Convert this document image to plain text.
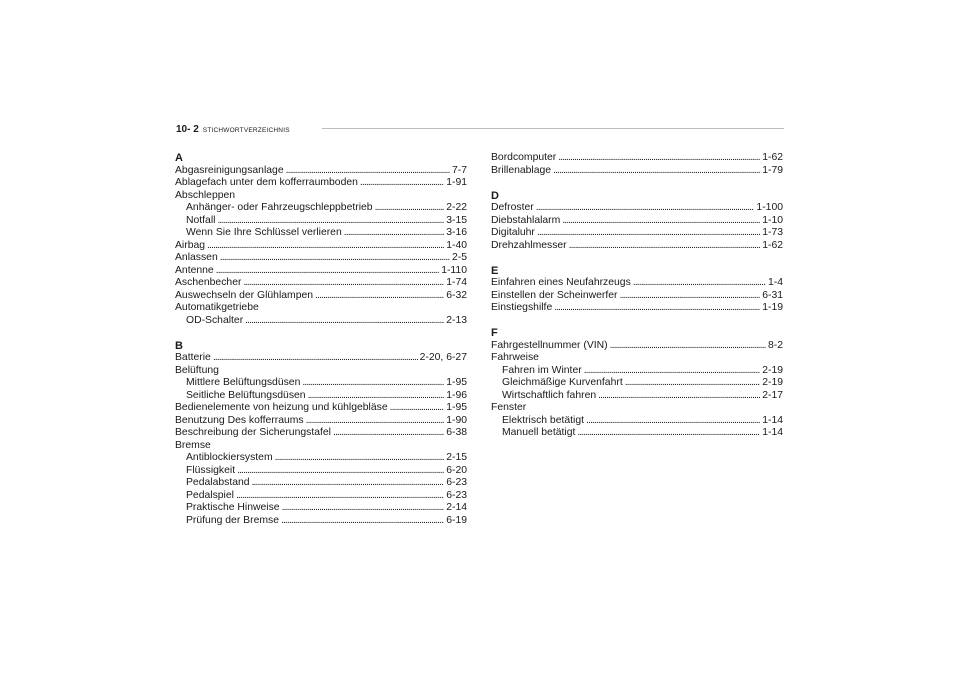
10- 2 STICHWORTVERZEICHNIS
A
Abgasreinigungsanlage . . .	7-7
Ablagefach unter dem kofferraumboden . . .	1-91
Abschleppen
Anhänger- oder Fahrzeugschleppbetrieb . . .	2-22
Notfall . . .	3-15
Wenn Sie Ihre Schlüssel verlieren . . .	3-16
Airbag . . .	1-40
Anlassen . . .	2-5
Antenne . . .	1-110
Aschenbecher . . .	1-74
Auswechseln der Glühlampen . . .	6-32
Automatikgetriebe
OD-Schalter . . .	2-13
B
Batterie . . .	2-20, 6-27
Belüftung
Mittlere Belüftungsdüsen . . .	1-95
Seitliche Belüftungsdüsen . . .	1-96
Bedienelemente von heizung und kühlgebläse . . .	1-95
Benutzung Des kofferraums . . .	1-90
Beschreibung der Sicherungstafel . . .	6-38
Bremse
Antiblockiersystem . . .	2-15
Flüssigkeit . . .	6-20
Pedalabstand . . .	6-23
Pedalspiel . . .	6-23
Praktische Hinweise . . .	2-14
Prüfung der Bremse . . .	6-19
Bordcomputer . . .	1-62
Brillenablage . . .	1-79
D
Defroster . . .	1-100
Diebstahlalarm . . .	1-10
Digitaluhr . . .	1-73
Drehzahlmesser . . .	1-62
E
Einfahren eines Neufahrzeugs . . .	1-4
Einstellen der Scheinwerfer . . .	6-31
Einstiegshilfe . . .	1-19
F
Fahrgestellnummer (VIN) . . .	8-2
Fahrweise
Fahren im Winter . . .	2-19
Gleichmäßige Kurvenfahrt . . .	2-19
Wirtschaftlich fahren . . .	2-17
Fenster
Elektrisch betätigt . . .	1-14
Manuell betätigt . . .	1-14
